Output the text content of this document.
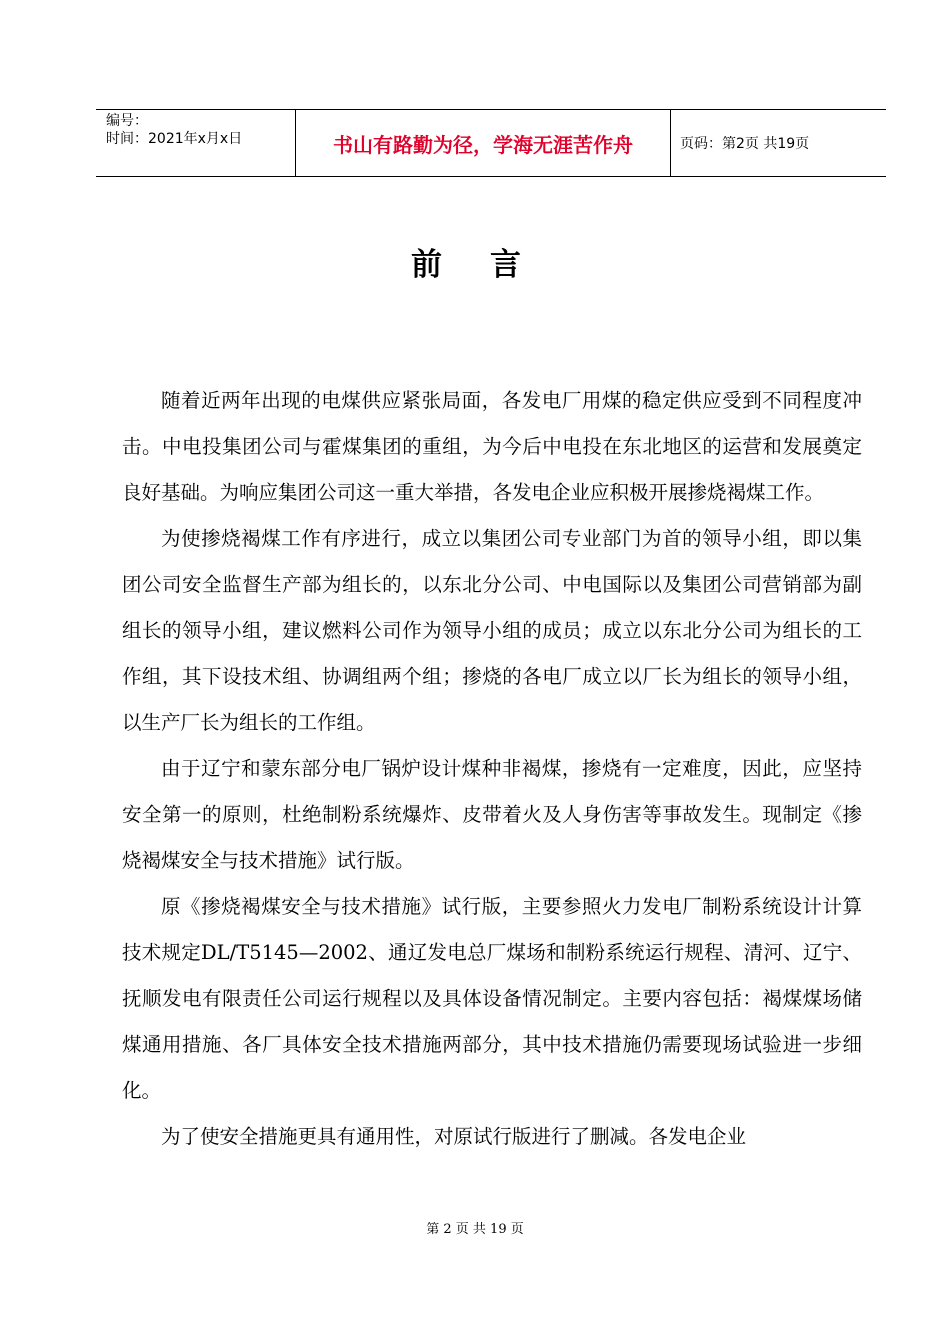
编号：
时间：2021年x月x日	书山有路勤为径，学海无涯苦作舟	页码：第2页 共19页
前言

随着近两年出现的电煤供应紧张局面，各发电厂用煤的稳定供应受到不同程度冲击。中电投集团公司与霍煤集团的重组，为今后中电投在东北地区的运营和发展奠定良好基础。为响应集团公司这一重大举措，各发电企业应积极开展掺烧褐煤工作。

为使掺烧褐煤工作有序进行，成立以集团公司专业部门为首的领导小组，即以集团公司安全监督生产部为组长的，以东北分公司、中电国际以及集团公司营销部为副组长的领导小组，建议燃料公司作为领导小组的成员；成立以东北分公司为组长的工作组，其下设技术组、协调组两个组；掺烧的各电厂成立以厂长为组长的领导小组，以生产厂长为组长的工作组。

由于辽宁和蒙东部分电厂锅炉设计煤种非褐煤，掺烧有一定难度，因此，应坚持安全第一的原则，杜绝制粉系统爆炸、皮带着火及人身伤害等事故发生。现制定《掺烧褐煤安全与技术措施》试行版。

原《掺烧褐煤安全与技术措施》试行版，主要参照火力发电厂制粉系统设计计算技术规定DL/T5145—2002、通辽发电总厂煤场和制粉系统运行规程、清河、辽宁、抚顺发电有限责任公司运行规程以及具体设备情况制定。主要内容包括：褐煤煤场储煤通用措施、各厂具体安全技术措施两部分，其中技术措施仍需要现场试验进一步细化。

为了使安全措施更具有通用性，对原试行版进行了删减。各发电企业

第 2 页 共 19 页
